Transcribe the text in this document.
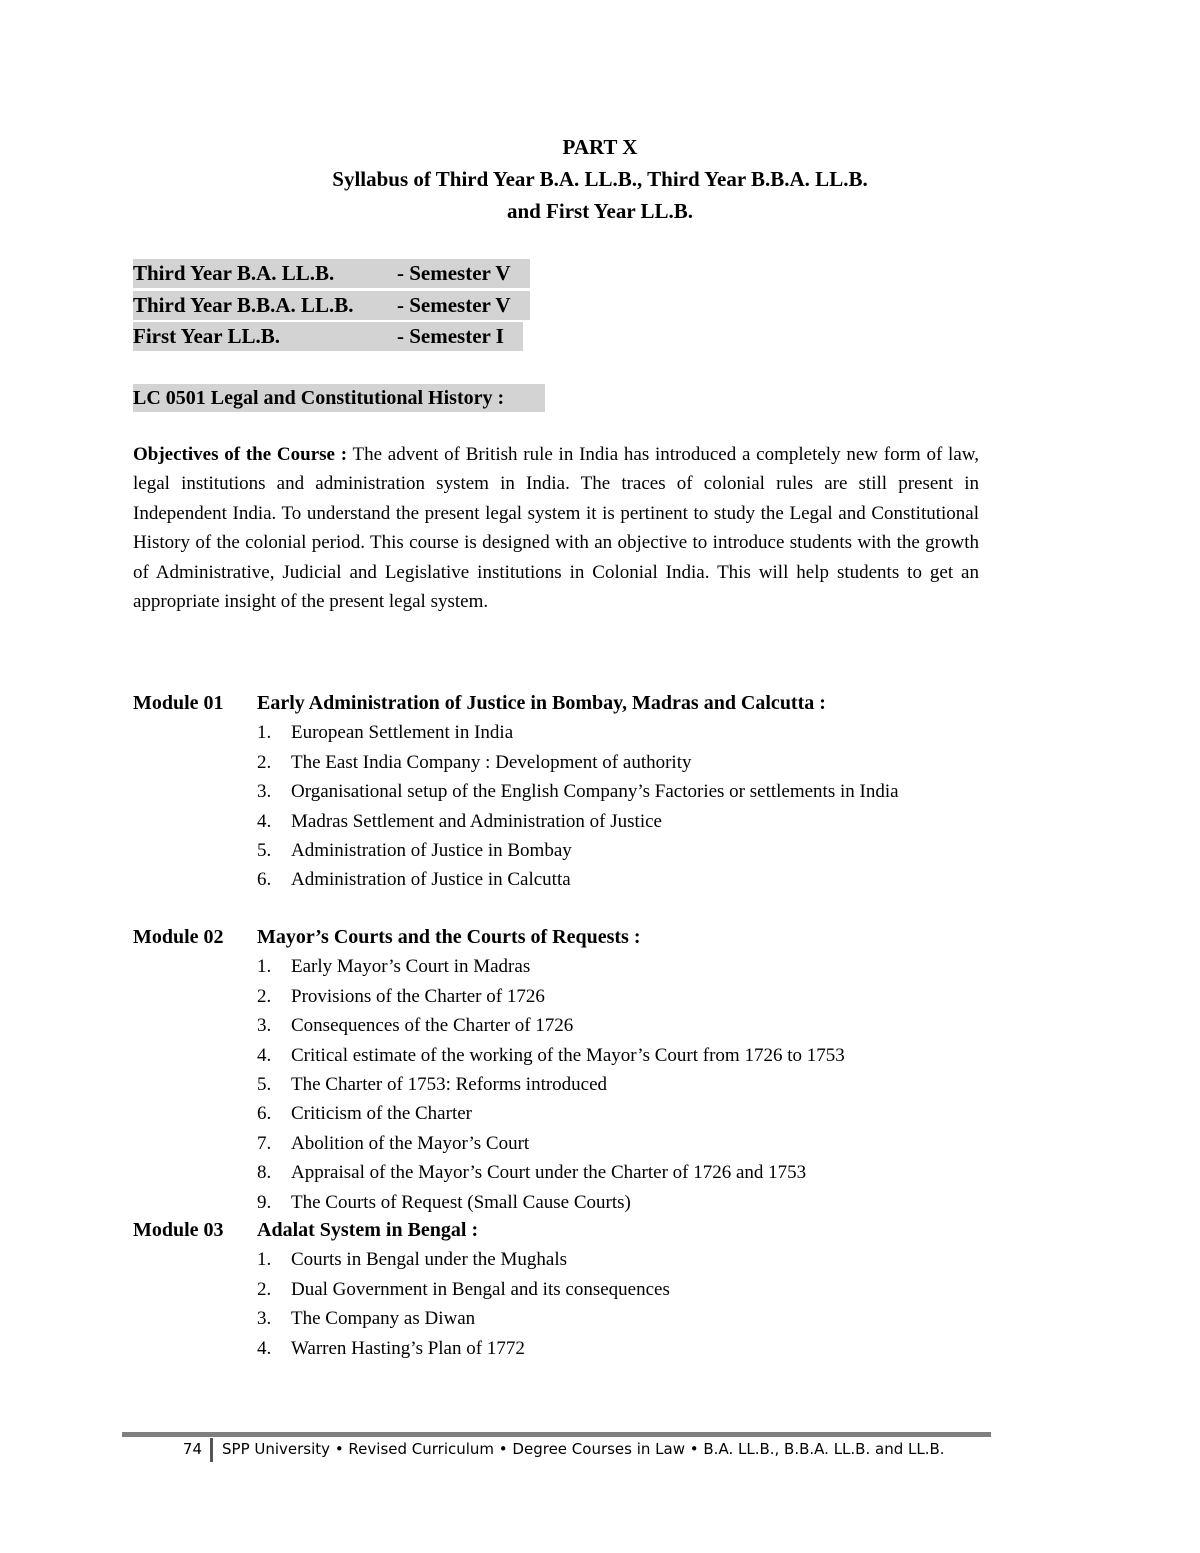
PART X
Syllabus of Third Year B.A. LL.B., Third Year B.B.A. LL.B.
and First Year LL.B.
Third Year B.A. LL.B.	- Semester V
Third Year B.B.A. LL.B. - Semester V
First Year LL.B.	- Semester I
LC 0501 Legal and Constitutional History :
Objectives of the Course : The advent of British rule in India has introduced a completely new form of law, legal institutions and administration system in India. The traces of colonial rules are still present in Independent India. To understand the present legal system it is pertinent to study the Legal and Constitutional History of the colonial period. This course is designed with an objective to introduce students with the growth of Administrative, Judicial and Legislative institutions in Colonial India. This will help students to get an appropriate insight of the present legal system.
Module 01 Early Administration of Justice in Bombay, Madras and Calcutta :
1. European Settlement in India
2. The East India Company : Development of authority
3. Organisational setup of the English Company’s Factories or settlements in India
4. Madras Settlement and Administration of Justice
5. Administration of Justice in Bombay
6. Administration of Justice in Calcutta
Module 02 Mayor’s Courts and the Courts of Requests :
1. Early Mayor’s Court in Madras
2. Provisions of the Charter of 1726
3. Consequences of the Charter of 1726
4. Critical estimate of the working of the Mayor’s Court from 1726 to 1753
5. The Charter of 1753: Reforms introduced
6. Criticism of the Charter
7. Abolition of the Mayor’s Court
8. Appraisal of the Mayor’s Court under the Charter of 1726 and 1753
9. The Courts of Request (Small Cause Courts)
Module 03 Adalat System in Bengal :
1. Courts in Bengal under the Mughals
2. Dual Government in Bengal and its consequences
3. The Company as Diwan
4. Warren Hasting’s Plan of 1772
74 SPP University • Revised Curriculum • Degree Courses in Law • B.A. LL.B., B.B.A. LL.B. and LL.B.
